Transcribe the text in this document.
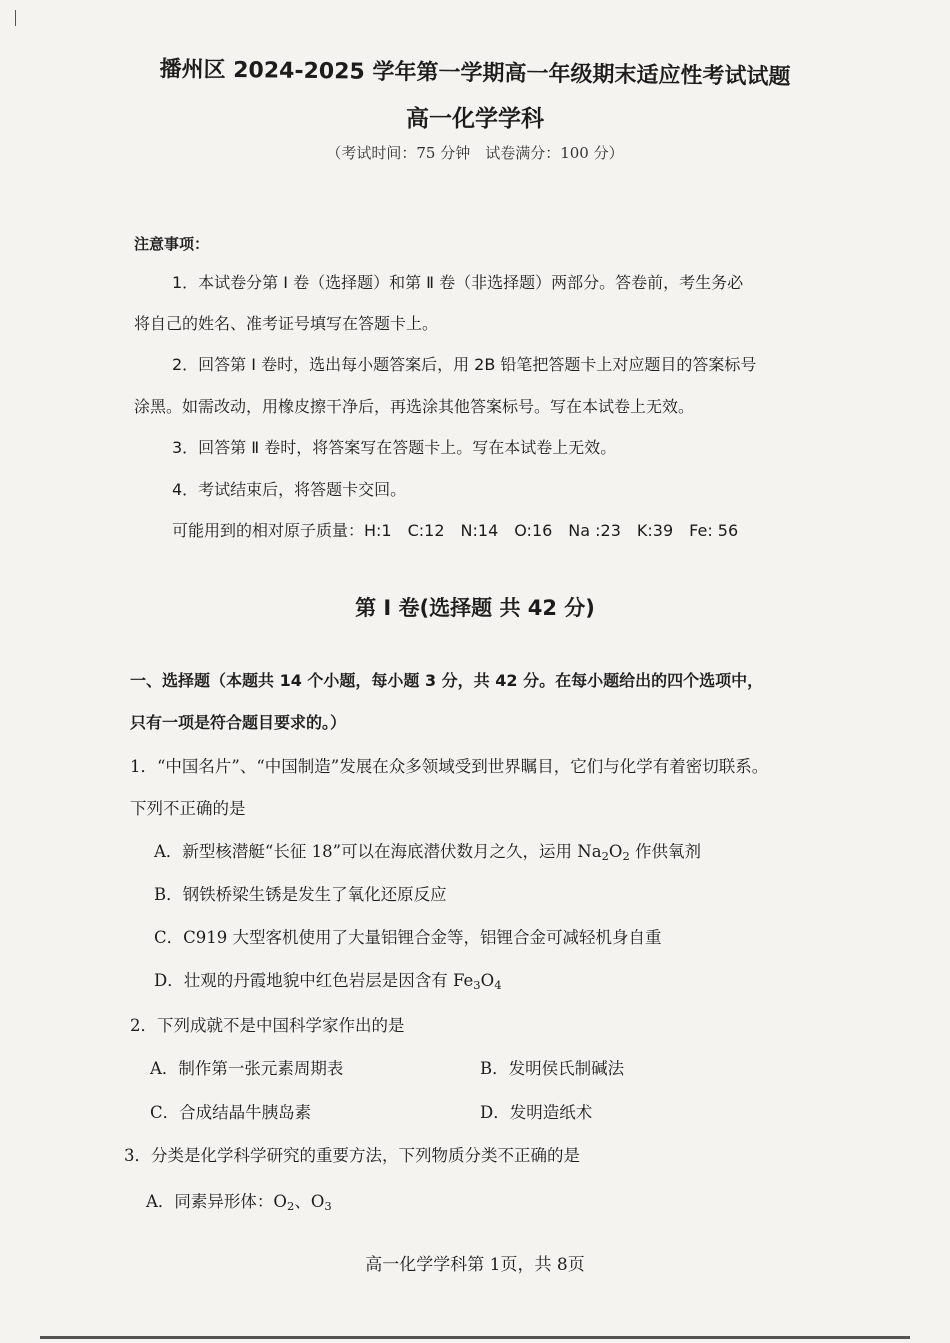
播州区 2024-2025 学年第一学期高一年级期末适应性考试试题
高一化学学科
（考试时间：75 分钟　试卷满分：100 分）
注意事项：
1．本试卷分第 Ⅰ 卷（选择题）和第 Ⅱ 卷（非选择题）两部分。答卷前，考生务必
将自己的姓名、准考证号填写在答题卡上。
2．回答第 Ⅰ 卷时，选出每小题答案后，用 2B 铅笔把答题卡上对应题目的答案标号
涂黑。如需改动，用橡皮擦干净后，再选涂其他答案标号。写在本试卷上无效。
3．回答第 Ⅱ 卷时，将答案写在答题卡上。写在本试卷上无效。
4．考试结束后，将答题卡交回。
可能用到的相对原子质量：H:1　C:12　N:14　O:16　Na :23　K:39　Fe: 56
第 Ⅰ 卷(选择题 共 42 分)
一、选择题（本题共 14 个小题，每小题 3 分，共 42 分。在每小题给出的四个选项中，
只有一项是符合题目要求的。）
1．“中国名片”、“中国制造”发展在众多领域受到世界瞩目，它们与化学有着密切联系。
下列不正确的是
A．新型核潜艇“长征 18”可以在海底潜伏数月之久，运用 $Na_2O_2$ 作供氧剂
B．钢铁桥梁生锈是发生了氧化还原反应
C．C919 大型客机使用了大量铝锂合金等，铝锂合金可减轻机身自重
D．壮观的丹霞地貌中红色岩层是因含有 $Fe_3O_4$
2．下列成就不是中国科学家作出的是
A．制作第一张元素周期表	B．发明侯氏制碱法
C．合成结晶牛胰岛素	D．发明造纸术
3．分类是化学科学研究的重要方法，下列物质分类不正确的是
A．同素异形体：$O_2$、$O_3$
高一化学学科第 1页，共 8页
